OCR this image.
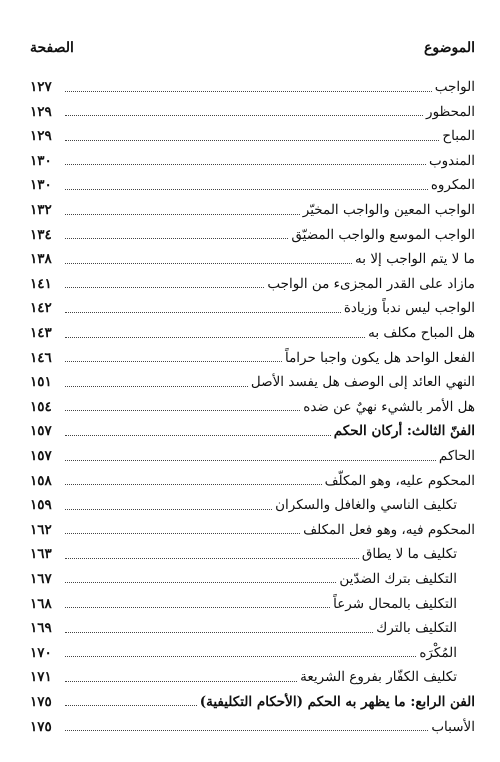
الموضوع
الصفحة
الواجب
١٢٧
المحظور
١٢٩
المباح
١٢٩
المندوب
١٣٠
المكروه
١٣٠
الواجب المعين والواجب المخيّر
١٣٢
الواجب الموسع والواجب المضيّق
١٣٤
ما لا يتم الواجب إلا به
١٣٨
مازاد على القدر المجزىء من الواجب
١٤١
الواجب ليس ندباً وزيادة
١٤٢
هل المباح مكلف به
١٤٣
الفعل الواحد هل يكون واجبا حراماً
١٤٦
النهي العائد إلى الوصف هل يفسد الأصل
١٥١
هل الأمر بالشيء نهيٌ عن ضده
١٥٤
الفنّ الثالث: أركان الحكم
١٥٧
الحاكم
١٥٧
المحكوم عليه، وهو المكلّف
١٥٨
تكليف الناسي والغافل والسكران
١٥٩
المحكوم فيه، وهو فعل المكلف
١٦٢
تكليف ما لا يطاق
١٦٣
التكليف بترك الضدّين
١٦٧
التكليف بالمحال شرعاً
١٦٨
التكليف بالترك
١٦٩
المُكْرَه
١٧٠
تكليف الكفّار بفروع الشريعة
١٧١
الفن الرابع: ما يظهر به الحكم (الأحكام التكليفية)
١٧٥
الأسباب
١٧٥
